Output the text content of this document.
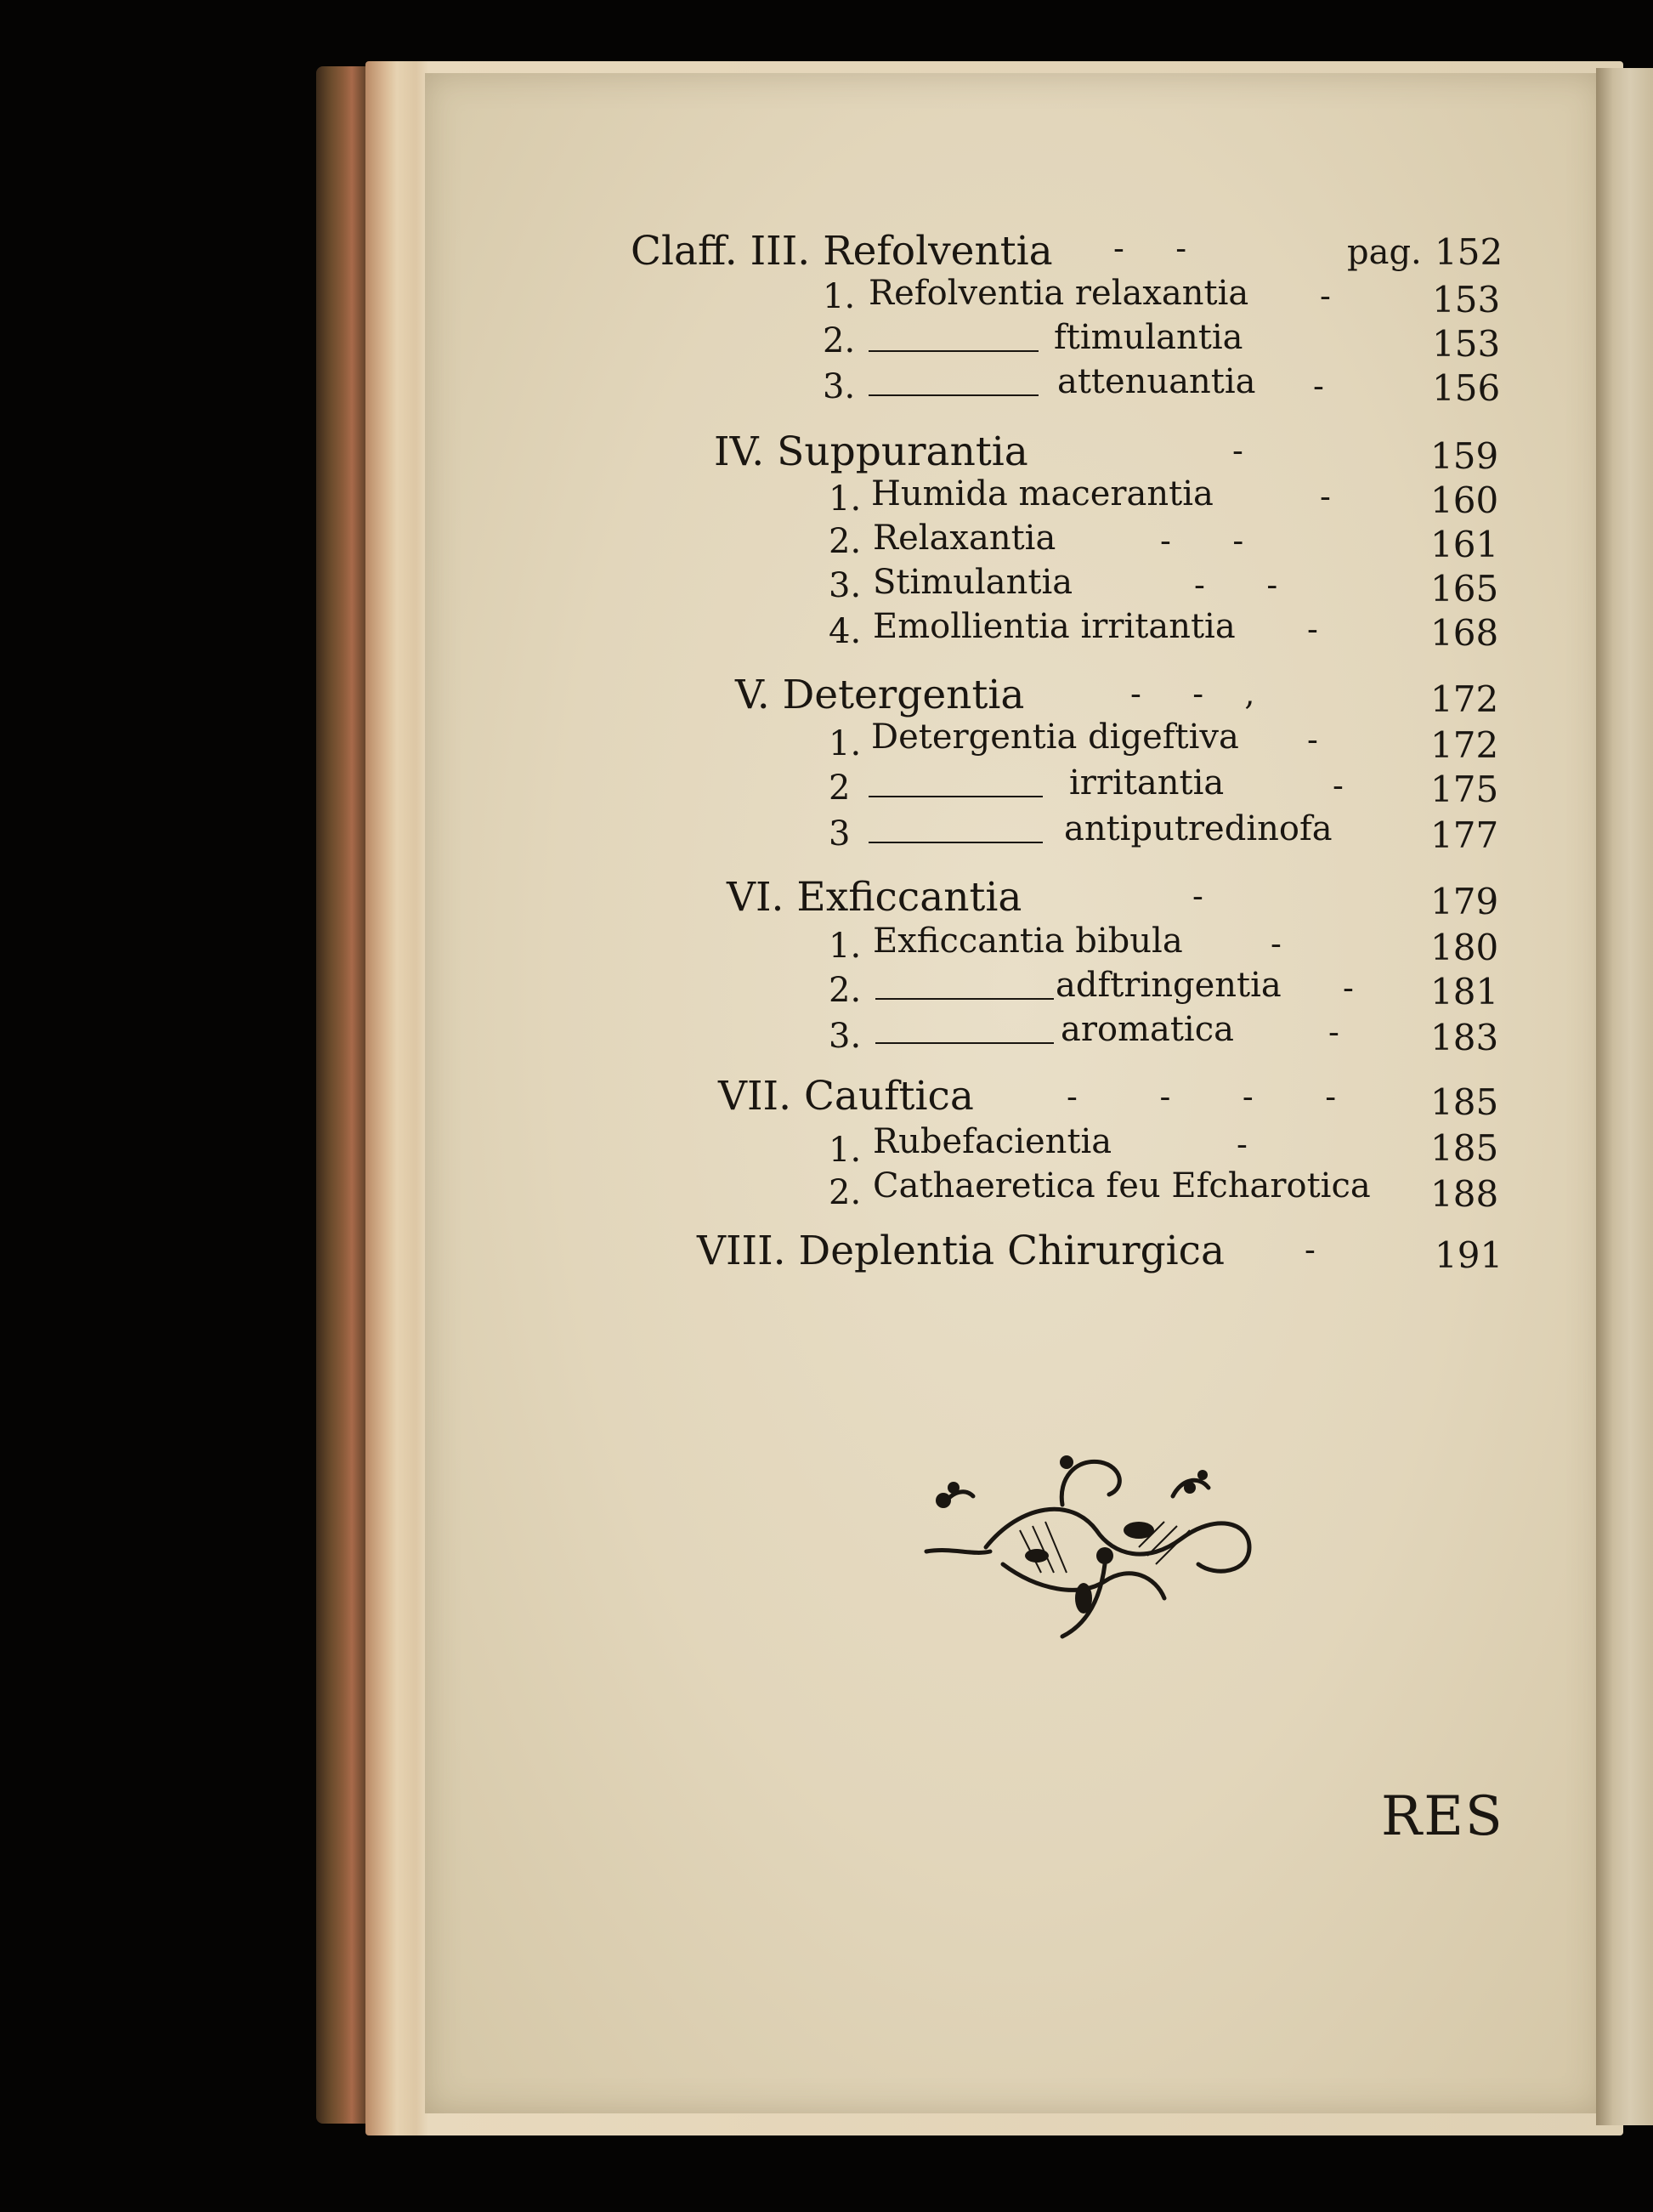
Claff. III. Refolventia -     -	pag. 152
1. Refolventia relaxantia -	153
2.	ftimulantia	153
3.	attenuantia -	156
IV. Suppurantia	-	159
1. Humida macerantia	-	160
2. Relaxantia	-      -	161
3. Stimulantia	-      -	165
4. Emollientia irritantia -	168
V. Detergentia	-     -    ,	172
1. Detergentia digeftiva -	172
2	irritantia	- 175
3	antiputredinofa	177
VI. Exficcantia	-	179
1. Exficcantia bibula	-	180
2.	adftringentia - 181
3.	aromatica	-	183
VII. Cauftica	-        -       -       -	185
1. Rubefacientia	-	185
2. Cathaeretica feu Efcharotica 188
VIII. Deplentia Chirurgica -	191
RES
